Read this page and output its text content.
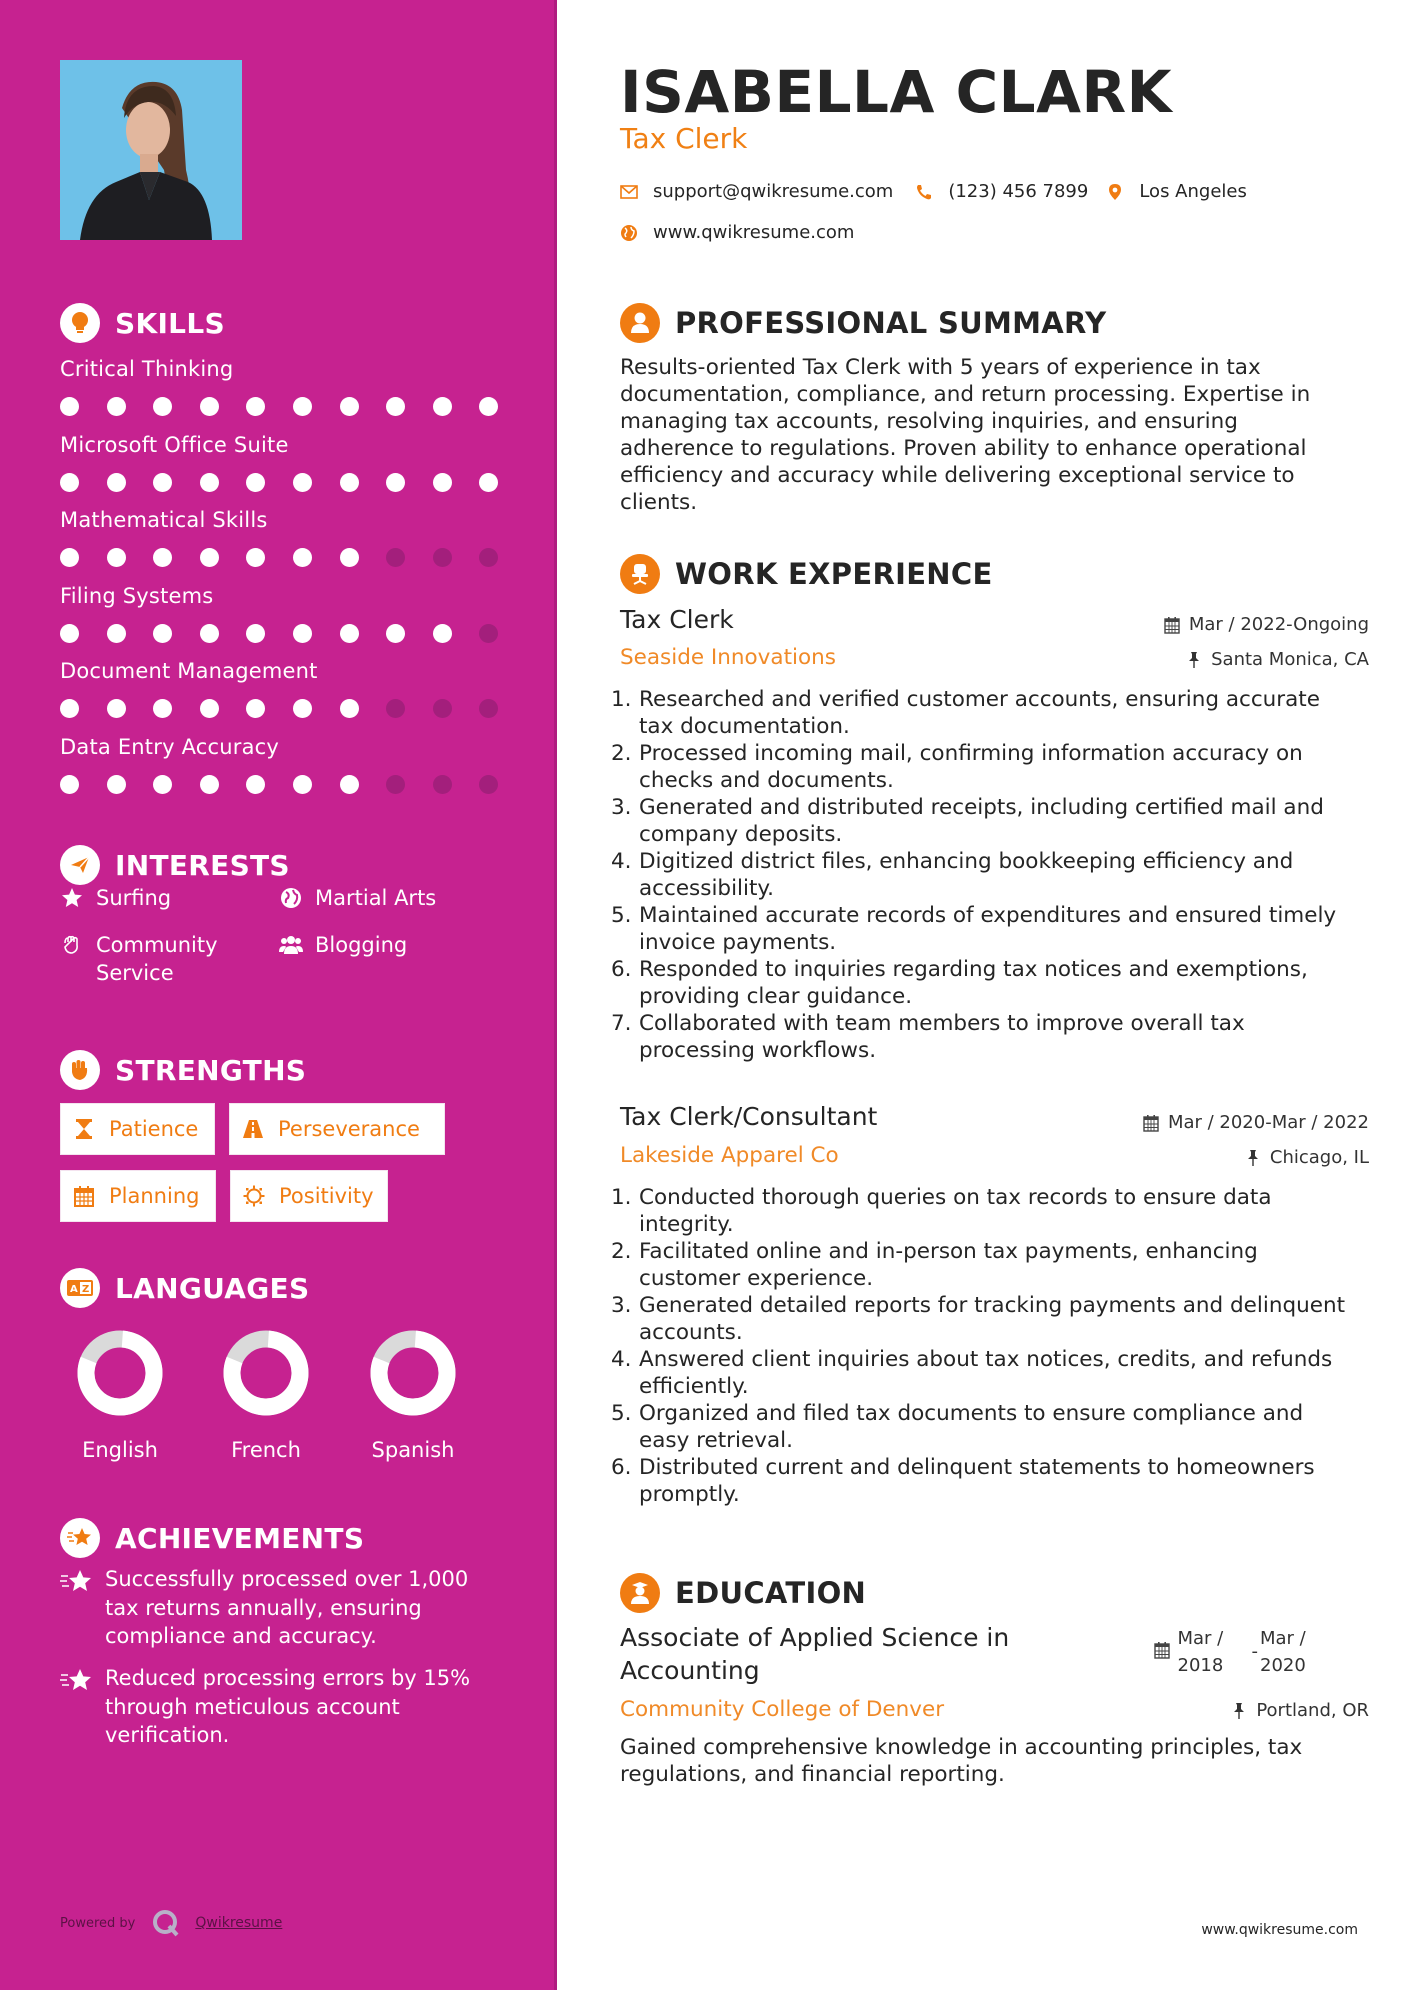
SKILLS
Critical Thinking
Microsoft Office Suite
Mathematical Skills
Filing Systems
Document Management
Data Entry Accuracy
INTERESTS
Surfing	Martial Arts
Community Service
Blogging
STRENGTHS
Patience	Perseverance
Planning	Positivity
A Z LANGUAGES
English	French	Spanish
ACHIEVEMENTS
Successfully processed over 1,000 tax returns annually, ensuring compliance and accuracy.
Reduced processing errors by 15% through meticulous account verification.
Powered by	Qwikresume
ISABELLA CLARK
Tax Clerk
support@qwikresume.com	(123) 456 7899	Los Angeles
www.qwikresume.com
PROFESSIONAL SUMMARY

Results-oriented Tax Clerk with 5 years of experience in tax documentation, compliance, and return processing. Expertise in managing tax accounts, resolving inquiries, and ensuring adherence to regulations. Proven ability to enhance operational efficiency and accuracy while delivering exceptional service to clients.

WORK EXPERIENCE
Tax Clerk	Mar / 2022-Ongoing
Seaside Innovations	Santa Monica, CA
1. Researched and verified customer accounts, ensuring accurate tax documentation.
2. Processed incoming mail, confirming information accuracy on checks and documents.
3. Generated and distributed receipts, including certified mail and company deposits.
4. Digitized district files, enhancing bookkeeping efficiency and accessibility.
5. Maintained accurate records of expenditures and ensured timely invoice payments.
6. Responded to inquiries regarding tax notices and exemptions, providing clear guidance.
7. Collaborated with team members to improve overall tax processing workflows.
Tax Clerk/Consultant	Mar / 2020-Mar / 2022
Lakeside Apparel Co	Chicago, IL
1. Conducted thorough queries on tax records to ensure data integrity.
2. Facilitated online and in-person tax payments, enhancing customer experience.
3. Generated detailed reports for tracking payments and delinquent accounts.
4. Answered client inquiries about tax notices, credits, and refunds efficiently.
5. Organized and filed tax documents to ensure compliance and easy retrieval.
6. Distributed current and delinquent statements to homeowners promptly.
EDUCATION
Associate of Applied Science in Accounting
Mar / 2018
-
Mar / 2020
Community College of Denver	Portland, OR

Gained comprehensive knowledge in accounting principles, tax regulations, and financial reporting.

www.qwikresume.com
